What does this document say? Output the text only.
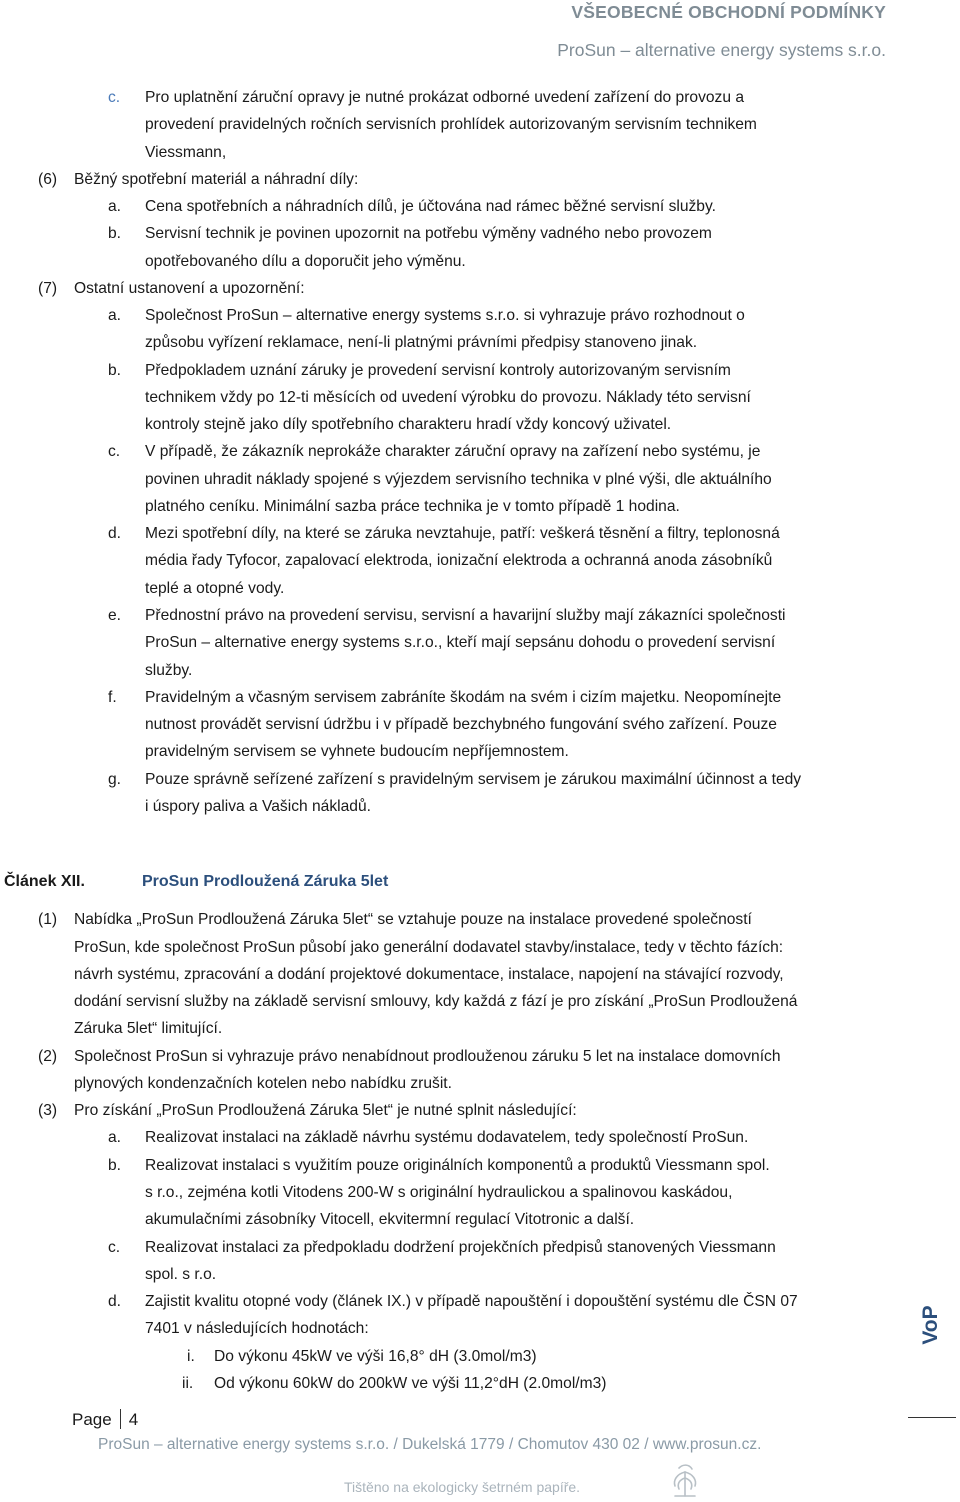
VŠEOBECNÉ OBCHODNÍ PODMÍNKY
ProSun – alternative energy systems s.r.o.
c. Pro uplatnění záruční opravy je nutné prokázat odborné uvedení zařízení do provozu a
provedení pravidelných ročních servisních prohlídek autorizovaným servisním technikem
Viessmann,
(6) Běžný spotřební materiál a náhradní díly:
a. Cena spotřebních a náhradních dílů, je účtována nad rámec běžné servisní služby.
b. Servisní technik je povinen upozornit na potřebu výměny vadného nebo provozem
opotřebovaného dílu a doporučit jeho výměnu.
(7) Ostatní ustanovení a upozornění:
a. Společnost ProSun – alternative energy systems s.r.o. si vyhrazuje právo rozhodnout o
způsobu vyřízení reklamace, není-li platnými právními předpisy stanoveno jinak.
b. Předpokladem uznání záruky je provedení servisní kontroly autorizovaným servisním
technikem vždy po 12-ti měsících od uvedení výrobku do provozu. Náklady této servisní
kontroly stejně jako díly spotřebního charakteru hradí vždy koncový uživatel.
c. V případě, že zákazník neprokáže charakter záruční opravy na zařízení nebo systému, je
povinen uhradit náklady spojené s výjezdem servisního technika v plné výši, dle aktuálního
platného ceníku. Minimální sazba práce technika je v tomto případě 1 hodina.
d. Mezi spotřební díly, na které se záruka nevztahuje, patří: veškerá těsnění a filtry, teplonosná
média řady Tyfocor, zapalovací elektroda, ionizační elektroda a ochranná anoda zásobníků
teplé a otopné vody.
e. Přednostní právo na provedení servisu, servisní a havarijní služby mají zákazníci společnosti
ProSun – alternative energy systems s.r.o., kteří mají sepsánu dohodu o provedení servisní
služby.
f. Pravidelným a včasným servisem zabráníte škodám na svém i cizím majetku. Neopomínejte
nutnost provádět servisní údržbu i v případě bezchybného fungování svého zařízení. Pouze
pravidelným servisem se vyhnete budoucím nepříjemnostem.
g. Pouze správně seřízené zařízení s pravidelným servisem je zárukou maximální účinnost a tedy
i úspory paliva a Vašich nákladů.
Článek XII.	ProSun Prodloužená Záruka 5let
(1) Nabídka „ProSun Prodloužená Záruka 5let“ se vztahuje pouze na instalace provedené společností
ProSun, kde společnost ProSun působí jako generální dodavatel stavby/instalace, tedy v těchto fázích:
návrh systému, zpracování a dodání projektové dokumentace, instalace, napojení na stávající rozvody,
dodání servisní služby na základě servisní smlouvy, kdy každá z fází je pro získání „ProSun Prodloužená
Záruka 5let“ limitující.
(2) Společnost ProSun si vyhrazuje právo nenabídnout prodlouženou záruku 5 let na instalace domovních
plynových kondenzačních kotelen nebo nabídku zrušit.
(3) Pro získání „ProSun Prodloužená Záruka 5let“ je nutné splnit následující:
a. Realizovat instalaci na základě návrhu systému dodavatelem, tedy společností ProSun.
b. Realizovat instalaci s využitím pouze originálních komponentů a produktů Viessmann spol.
s r.o., zejména kotli Vitodens 200-W s originální hydraulickou a spalinovou kaskádou,
akumulačními zásobníky Vitocell, ekvitermní regulací Vitotronic a další.
c. Realizovat instalaci za předpokladu dodržení projekčních předpisů stanovených Viessmann
spol. s r.o.
d. Zajistit kvalitu otopné vody (článek IX.) v případě napouštění i dopouštění systému dle ČSN 07
7401 v následujících hodnotách:
i. Do výkonu 45kW ve výši 16,8° dH (3.0mol/m3)
ii. Od výkonu 60kW do 200kW ve výši 11,2°dH (2.0mol/m3)
Page 4
VoP
ProSun – alternative energy systems s.r.o. / Dukelská 1779 / Chomutov 430 02 / www.prosun.cz.
Tištěno na ekologicky šetrném papíře.
